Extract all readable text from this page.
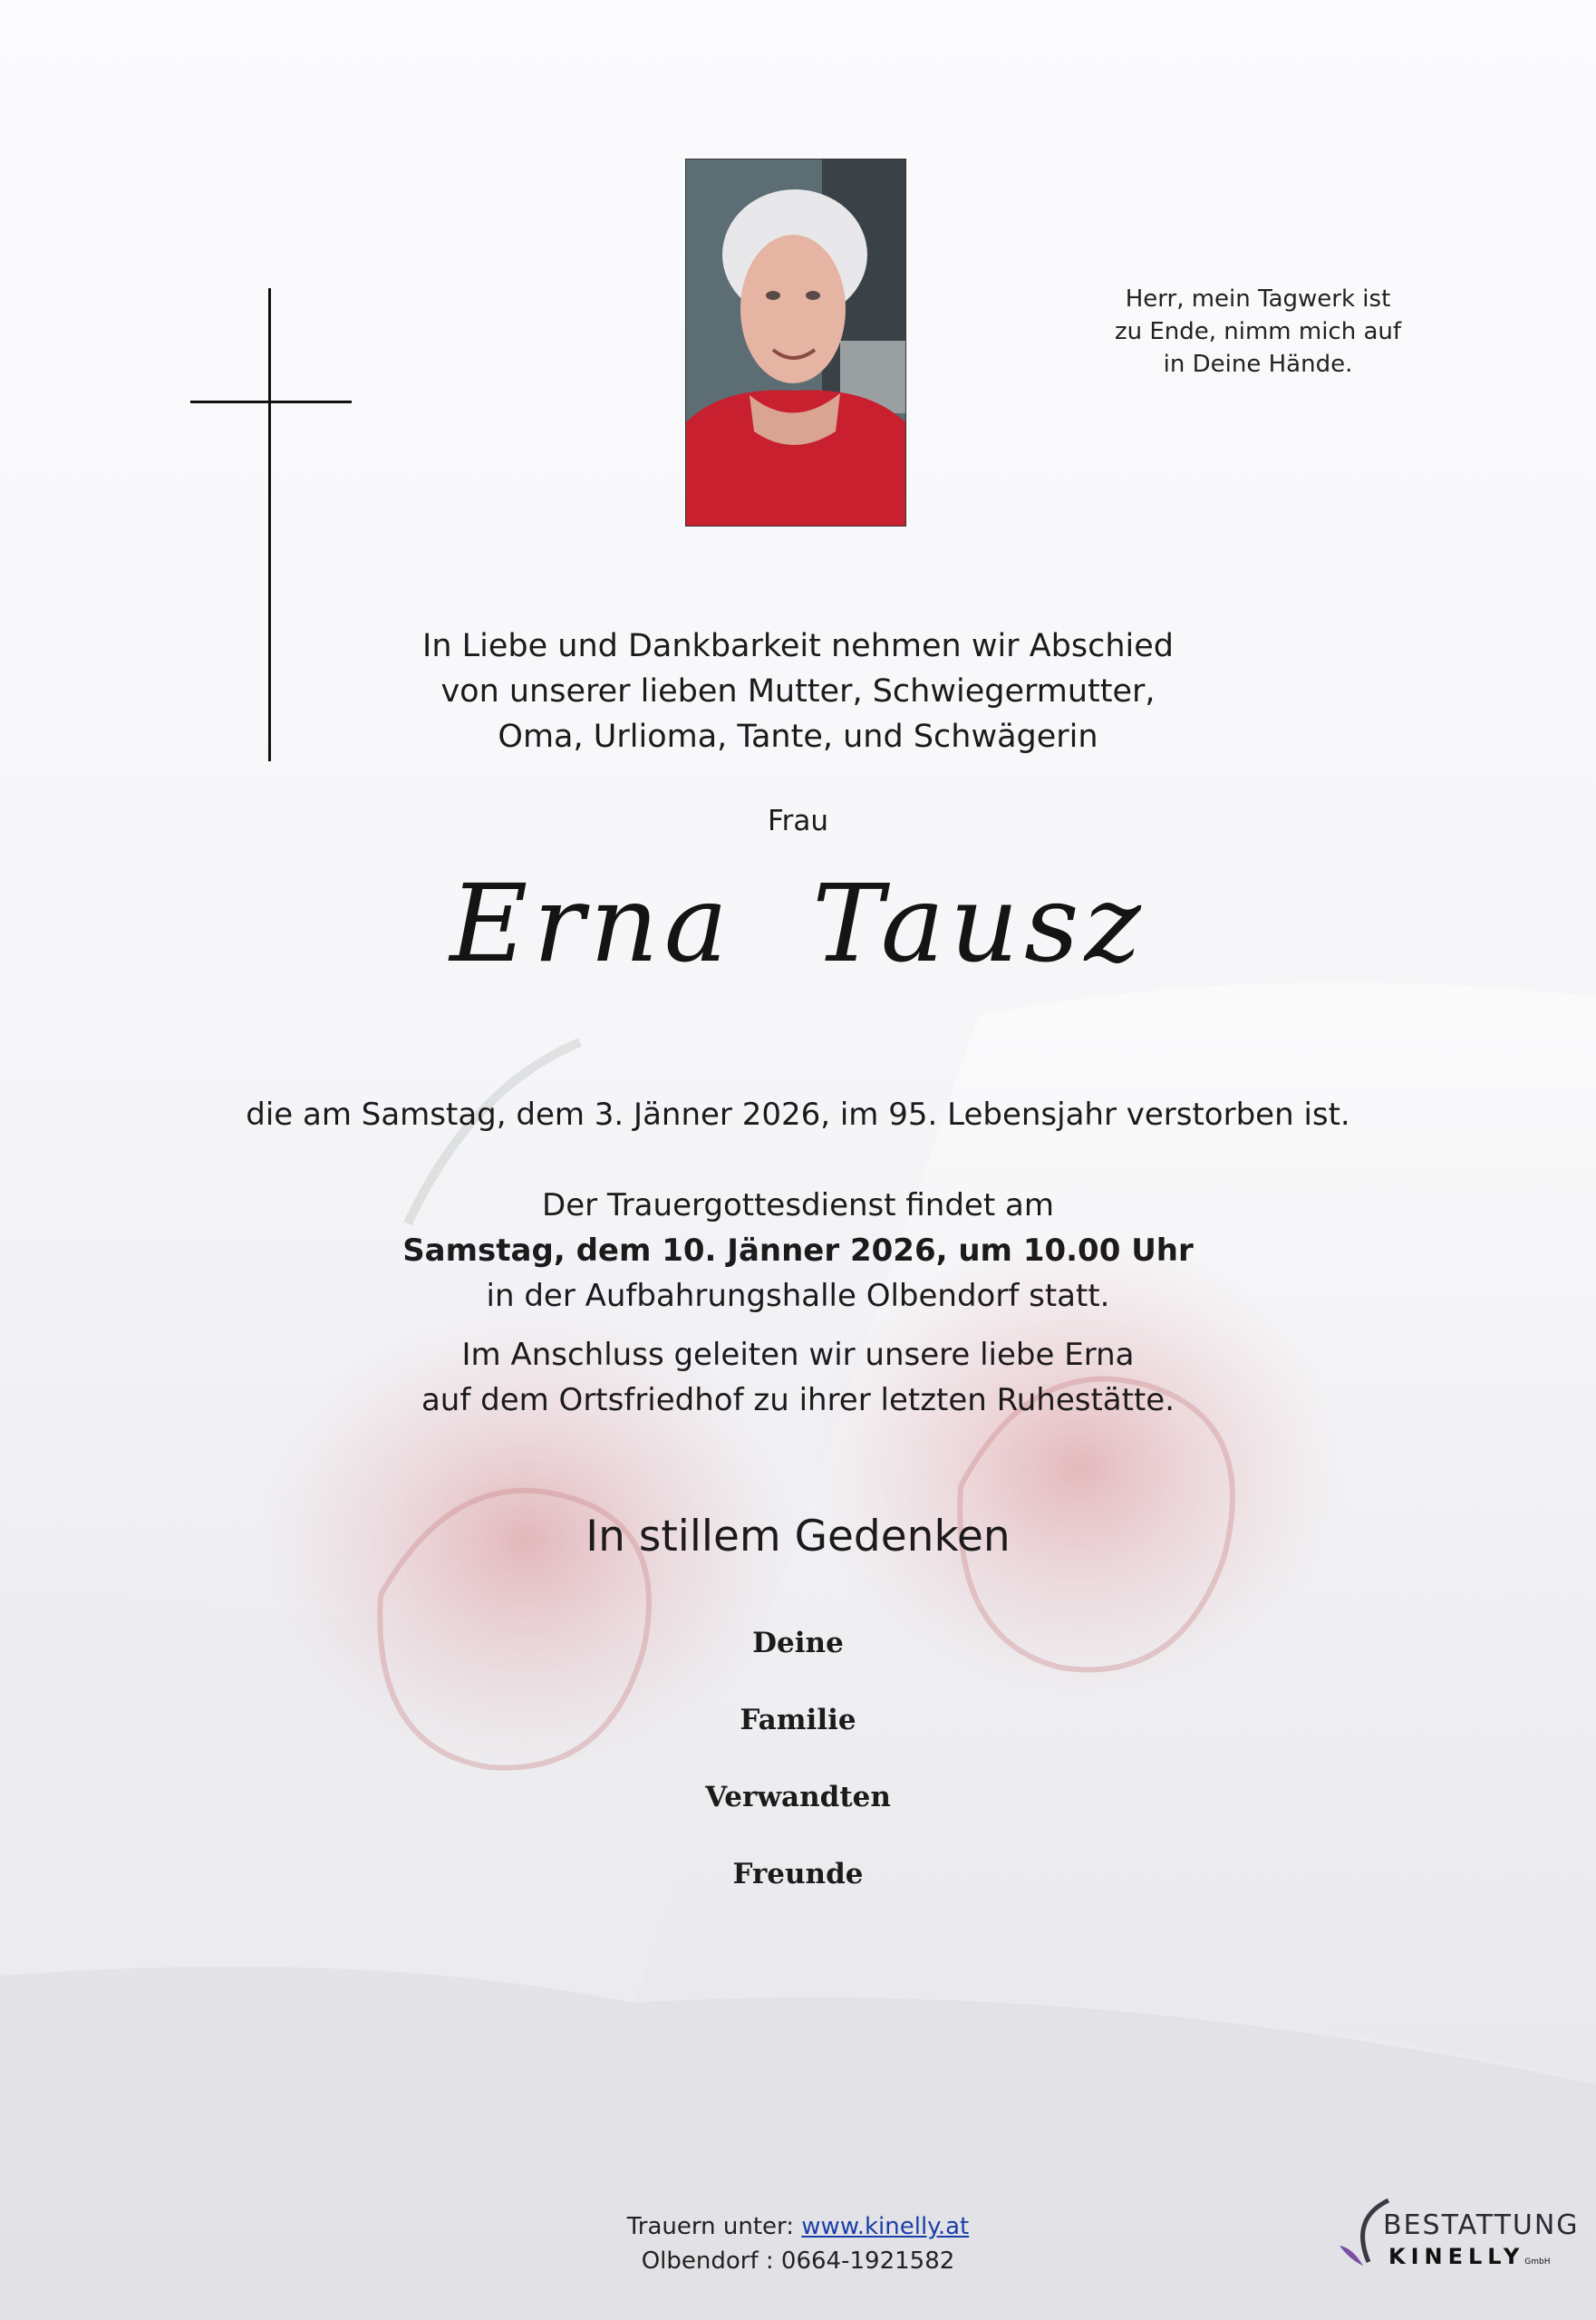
Herr, mein Tagwerk ist
zu Ende, nimm mich auf
in Deine Hände.
In Liebe und Dankbarkeit nehmen wir Abschied
von unserer lieben Mutter, Schwiegermutter,
Oma, Urlioma, Tante, und Schwägerin
Frau
Erna  Tausz
die am Samstag, dem 3. Jänner 2026, im 95. Lebensjahr verstorben ist.
Der Trauergottesdienst findet am
Samstag, dem 10. Jänner 2026, um 10.00 Uhr
in der Aufbahrungshalle Olbendorf statt.
Im Anschluss geleiten wir unsere liebe Erna
auf dem Ortsfriedhof zu ihrer letzten Ruhestätte.
In stillem Gedenken
Deine
Familie
Verwandten
Freunde
Trauern unter: www.kinelly.at
Olbendorf : 0664-1921582
BESTATTUNG
KINELLYGmbH
